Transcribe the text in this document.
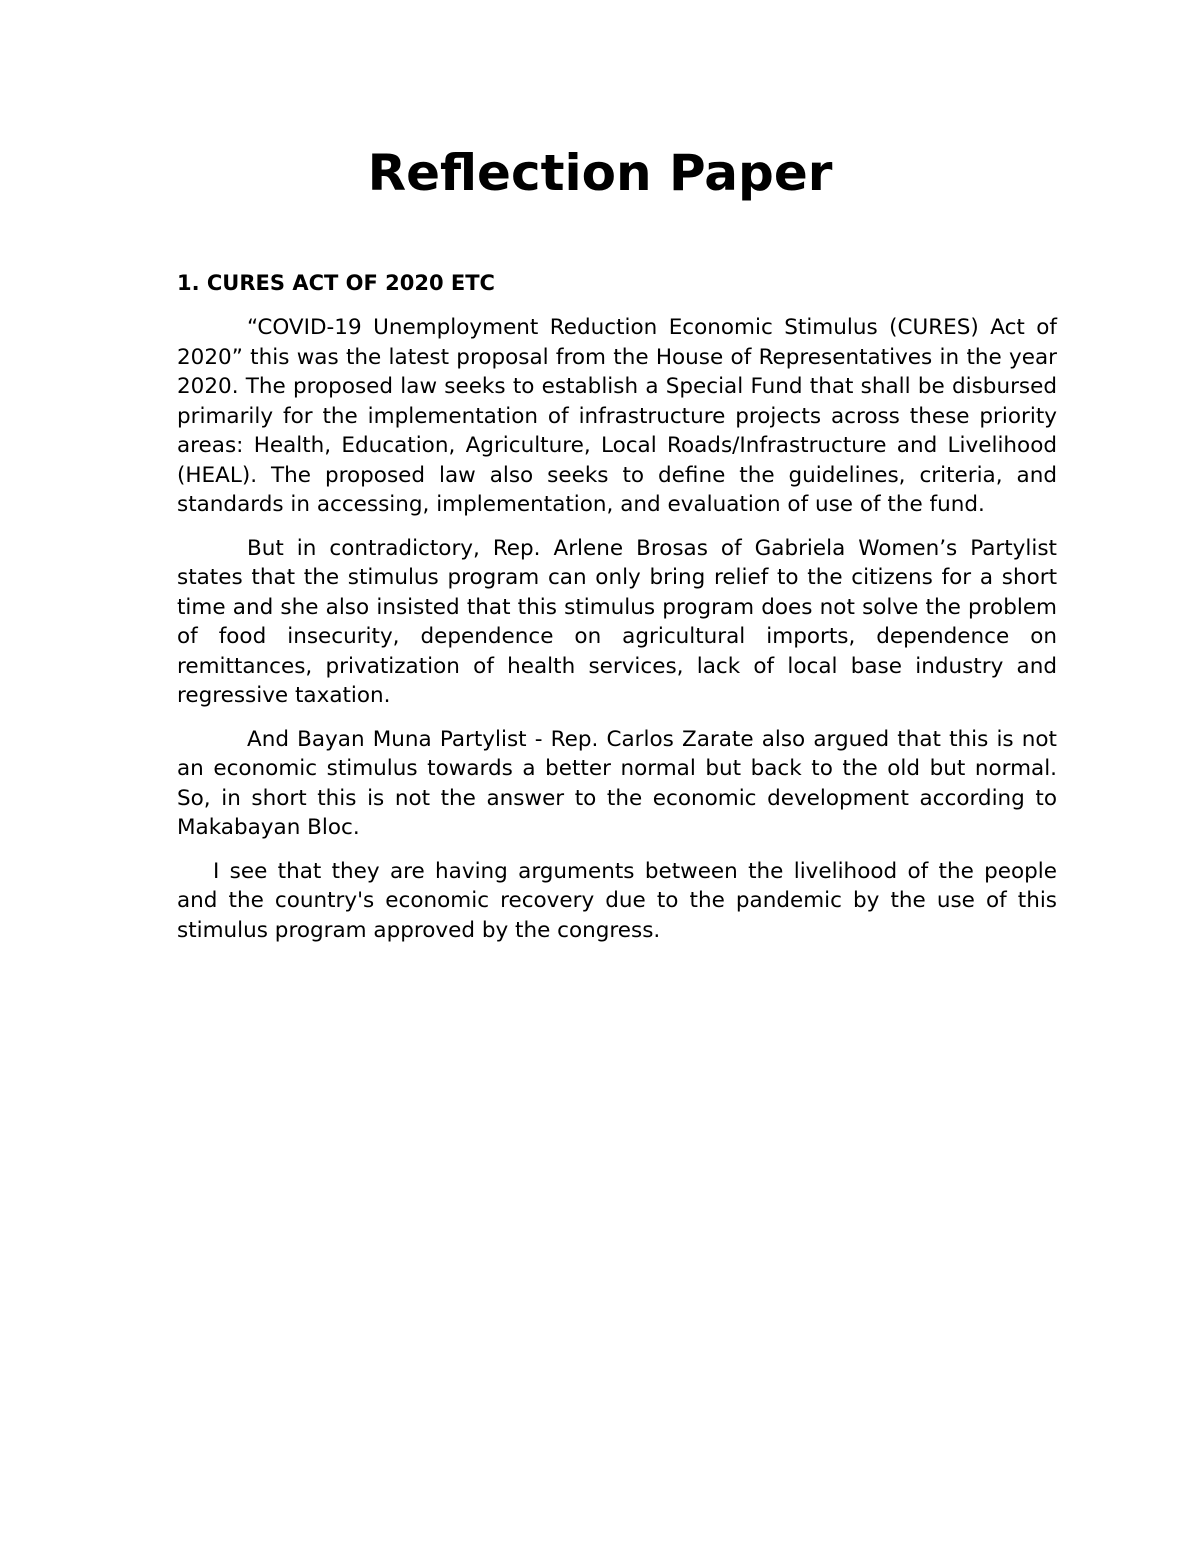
Reflection Paper
1. CURES ACT OF 2020 ETC

“COVID-19 Unemployment Reduction Economic Stimulus (CURES) Act of 2020” this was the latest proposal from the House of Representatives in the year 2020. The proposed law seeks to establish a Special Fund that shall be disbursed primarily for the implementation of infrastructure projects across these priority areas: Health, Education, Agriculture, Local Roads/Infrastructure and Livelihood (HEAL). The proposed law also seeks to define the guidelines, criteria, and standards in accessing, implementation, and evaluation of use of the fund.

But in contradictory, Rep. Arlene Brosas of Gabriela Women’s Partylist states that the stimulus program can only bring relief to the citizens for a short time and she also insisted that this stimulus program does not solve the problem of food insecurity, dependence on agricultural imports, dependence on remittances, privatization of health services, lack of local base industry and regressive taxation.

And Bayan Muna Partylist - Rep. Carlos Zarate also argued that this is not an economic stimulus towards a better normal but back to the old but normal. So, in short this is not the answer to the economic development according to Makabayan Bloc.

I see that they are having arguments between the livelihood of the people and the country's economic recovery due to the pandemic by the use of this stimulus program approved by the congress.
